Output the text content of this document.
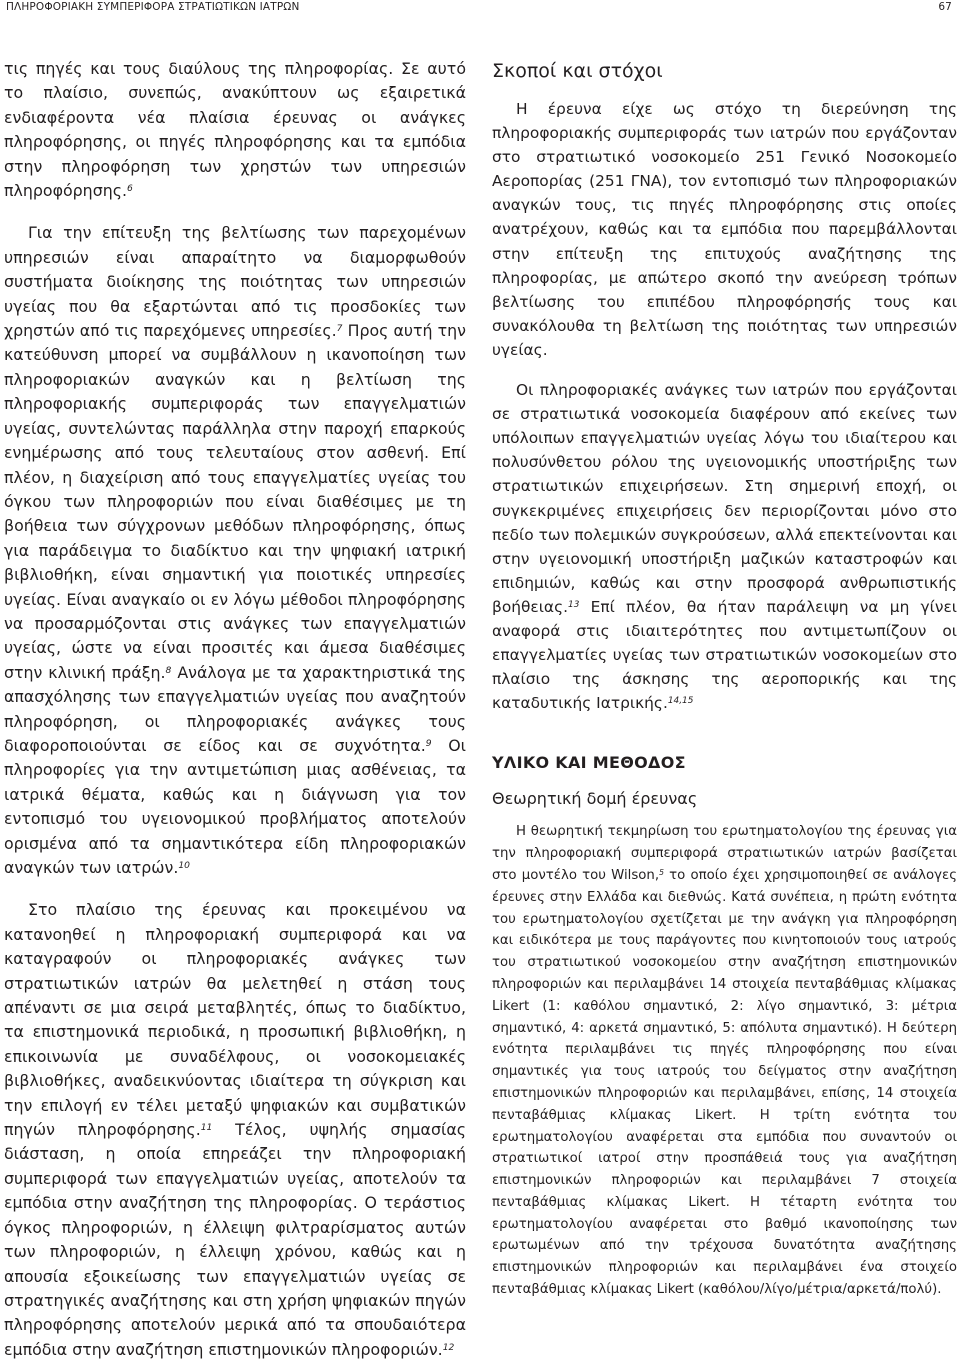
ΠΛΗΡΟΦΟΡΙΑΚΗ ΣΥΜΠΕΡΙΦΟΡΑ ΣΤΡΑΤΙΩΤΙΚΩΝ ΙΑΤΡΩΝ	67

τις πηγές και τους διαύλους της πληροφορίας. Σε αυτό το πλαίσιο, συνεπώς, ανακύπτουν ως εξαιρετικά ενδιαφέροντα νέα πλαίσια έρευνας οι ανάγκες πληροφόρησης, οι πηγές πληροφόρησης και τα εμπόδια στην πληροφόρηση των χρηστών των υπηρεσιών πληροφόρησης.$^6$

Για την επίτευξη της βελτίωσης των παρεχομένων υπηρεσιών είναι απαραίτητο να διαμορφωθούν συστήματα διοίκησης της ποιότητας των υπηρεσιών υγείας που θα εξαρτώνται από τις προσδοκίες των χρηστών από τις παρεχόμενες υπηρεσίες.$^7$ Προς αυτή την κατεύθυνση μπορεί να συμβάλλουν η ικανοποίηση των πληροφοριακών αναγκών και η βελτίωση της πληροφοριακής συμπεριφοράς των επαγγελματιών υγείας, συντελώντας παράλληλα στην παροχή επαρκούς ενημέρωσης από τους τελευταίους στον ασθενή. Επί πλέον, η διαχείριση από τους επαγγελματίες υγείας του όγκου των πληροφοριών που είναι διαθέσιμες με τη βοήθεια των σύγχρονων μεθόδων πληροφόρησης, όπως για παράδειγμα το διαδίκτυο και την ψηφιακή ιατρική βιβλιοθήκη, είναι σημαντική για ποιοτικές υπηρεσίες υγείας. Είναι αναγκαίο οι εν λόγω μέθοδοι πληροφόρησης να προσαρμόζονται στις ανάγκες των επαγγελματιών υγείας, ώστε να είναι προσιτές και άμεσα διαθέσιμες στην κλινική πράξη.$^8$ Ανάλογα με τα χαρακτηριστικά της απασχόλησης των επαγγελματιών υγείας που αναζητούν πληροφόρηση, οι πληροφοριακές ανάγκες τους διαφοροποιούνται σε είδος και σε συχνότητα.$^9$ Οι πληροφορίες για την αντιμετώπιση μιας ασθένειας, τα ιατρικά θέματα, καθώς και η διάγνωση για τον εντοπισμό του υγειονομικού προβλήματος αποτελούν ορισμένα από τα σημαντικότερα είδη πληροφοριακών αναγκών των ιατρών.$^{10}$

Στο πλαίσιο της έρευνας και προκειμένου να κατανοηθεί η πληροφοριακή συμπεριφορά και να καταγραφούν οι πληροφοριακές ανάγκες των στρατιωτικών ιατρών θα μελετηθεί η στάση τους απέναντι σε μια σειρά μεταβλητές, όπως το διαδίκτυο, τα επιστημονικά περιοδικά, η προσωπική βιβλιοθήκη, η επικοινωνία με συναδέλφους, οι νοσοκομειακές βιβλιοθήκες, αναδεικνύοντας ιδιαίτερα τη σύγκριση και την επιλογή εν τέλει μεταξύ ψηφιακών και συμβατικών πηγών πληροφόρησης.$^{11}$ Τέλος, υψηλής σημασίας διάσταση, η οποία επηρεάζει την πληροφοριακή συμπεριφορά των επαγγελματιών υγείας, αποτελούν τα εμπόδια στην αναζήτηση της πληροφορίας. Ο τεράστιος όγκος πληροφοριών, η έλλειψη φιλτραρίσματος αυτών των πληροφοριών, η έλλειψη χρόνου, καθώς και η απουσία εξοικείωσης των επαγγελματιών υγείας σε στρατηγικές αναζήτησης και στη χρήση ψηφιακών πηγών πληροφόρησης αποτελούν μερικά από τα σπουδαιότερα εμπόδια στην αναζήτηση επιστημονικών πληροφοριών.$^{12}$

Σκοποί και στόχοι

Η έρευνα είχε ως στόχο τη διερεύνηση της πληροφοριακής συμπεριφοράς των ιατρών που εργάζονταν στο στρατιωτικό νοσοκομείο 251 Γενικό Νοσοκομείο Αεροπορίας (251 ΓΝΑ), τον εντοπισμό των πληροφοριακών αναγκών τους, τις πηγές πληροφόρησης στις οποίες ανατρέχουν, καθώς και τα εμπόδια που παρεμβάλλονται στην επίτευξη της επιτυχούς αναζήτησης της πληροφορίας, με απώτερο σκοπό την ανεύρεση τρόπων βελτίωσης του επιπέδου πληροφόρησής τους και συνακόλουθα τη βελτίωση της ποιότητας των υπηρεσιών υγείας.

Οι πληροφοριακές ανάγκες των ιατρών που εργάζονται σε στρατιωτικά νοσοκομεία διαφέρουν από εκείνες των υπόλοιπων επαγγελματιών υγείας λόγω του ιδιαίτερου και πολυσύνθετου ρόλου της υγειονομικής υποστήριξης των στρατιωτικών επιχειρήσεων. Στη σημερινή εποχή, οι συγκεκριμένες επιχειρήσεις δεν περιορίζονται μόνο στο πεδίο των πολεμικών συγκρούσεων, αλλά επεκτείνονται και στην υγειονομική υποστήριξη μαζικών καταστροφών και επιδημιών, καθώς και στην προσφορά ανθρωπιστικής βοήθειας.$^{13}$ Επί πλέον, θα ήταν παράλειψη να μη γίνει αναφορά στις ιδιαιτερότητες που αντιμετωπίζουν οι επαγγελματίες υγείας των στρατιωτικών νοσοκομείων στο πλαίσιο της άσκησης της αεροπορικής και της καταδυτικής Ιατρικής.$^{14,15}$

ΥΛΙΚΟ ΚΑΙ ΜΕΘΟΔΟΣ
Θεωρητική δομή έρευνας

Η θεωρητική τεκμηρίωση του ερωτηματολογίου της έρευνας για την πληροφοριακή συμπεριφορά στρατιωτικών ιατρών βασίζεται στο μοντέλο του Wilson,$^5$ το οποίο έχει χρησιμοποιηθεί σε ανάλογες έρευνες στην Ελλάδα και διεθνώς. Κατά συνέπεια, η πρώτη ενότητα του ερωτηματολογίου σχετίζεται με την ανάγκη για πληροφόρηση και ειδικότερα με τους παράγοντες που κινητοποιούν τους ιατρούς του στρατιωτικού νοσοκομείου στην αναζήτηση επιστημονικών πληροφοριών και περιλαμβάνει 14 στοιχεία πενταβάθμιας κλίμακας Likert (1: καθόλου σημαντικό, 2: λίγο σημαντικό, 3: μέτρια σημαντικό, 4: αρκετά σημαντικό, 5: απόλυτα σημαντικό). Η δεύτερη ενότητα περιλαμβάνει τις πηγές πληροφόρησης που είναι σημαντικές για τους ιατρούς του δείγματος στην αναζήτηση επιστημονικών πληροφοριών και περιλαμβάνει, επίσης, 14 στοιχεία πενταβάθμιας κλίμακας Likert. Η τρίτη ενότητα του ερωτηματολογίου αναφέρεται στα εμπόδια που συναντούν οι στρατιωτικοί ιατροί στην προσπάθειά τους για αναζήτηση επιστημονικών πληροφοριών και περιλαμβάνει 7 στοιχεία πενταβάθμιας κλίμακας Likert. Η τέταρτη ενότητα του ερωτηματολογίου αναφέρεται στο βαθμό ικανοποίησης των ερωτωμένων από την τρέχουσα δυνατότητα αναζήτησης επιστημονικών πληροφοριών και περιλαμβάνει ένα στοιχείο πενταβάθμιας κλίμακας Likert (καθόλου/λίγο/μέτρια/αρκετά/πολύ).
